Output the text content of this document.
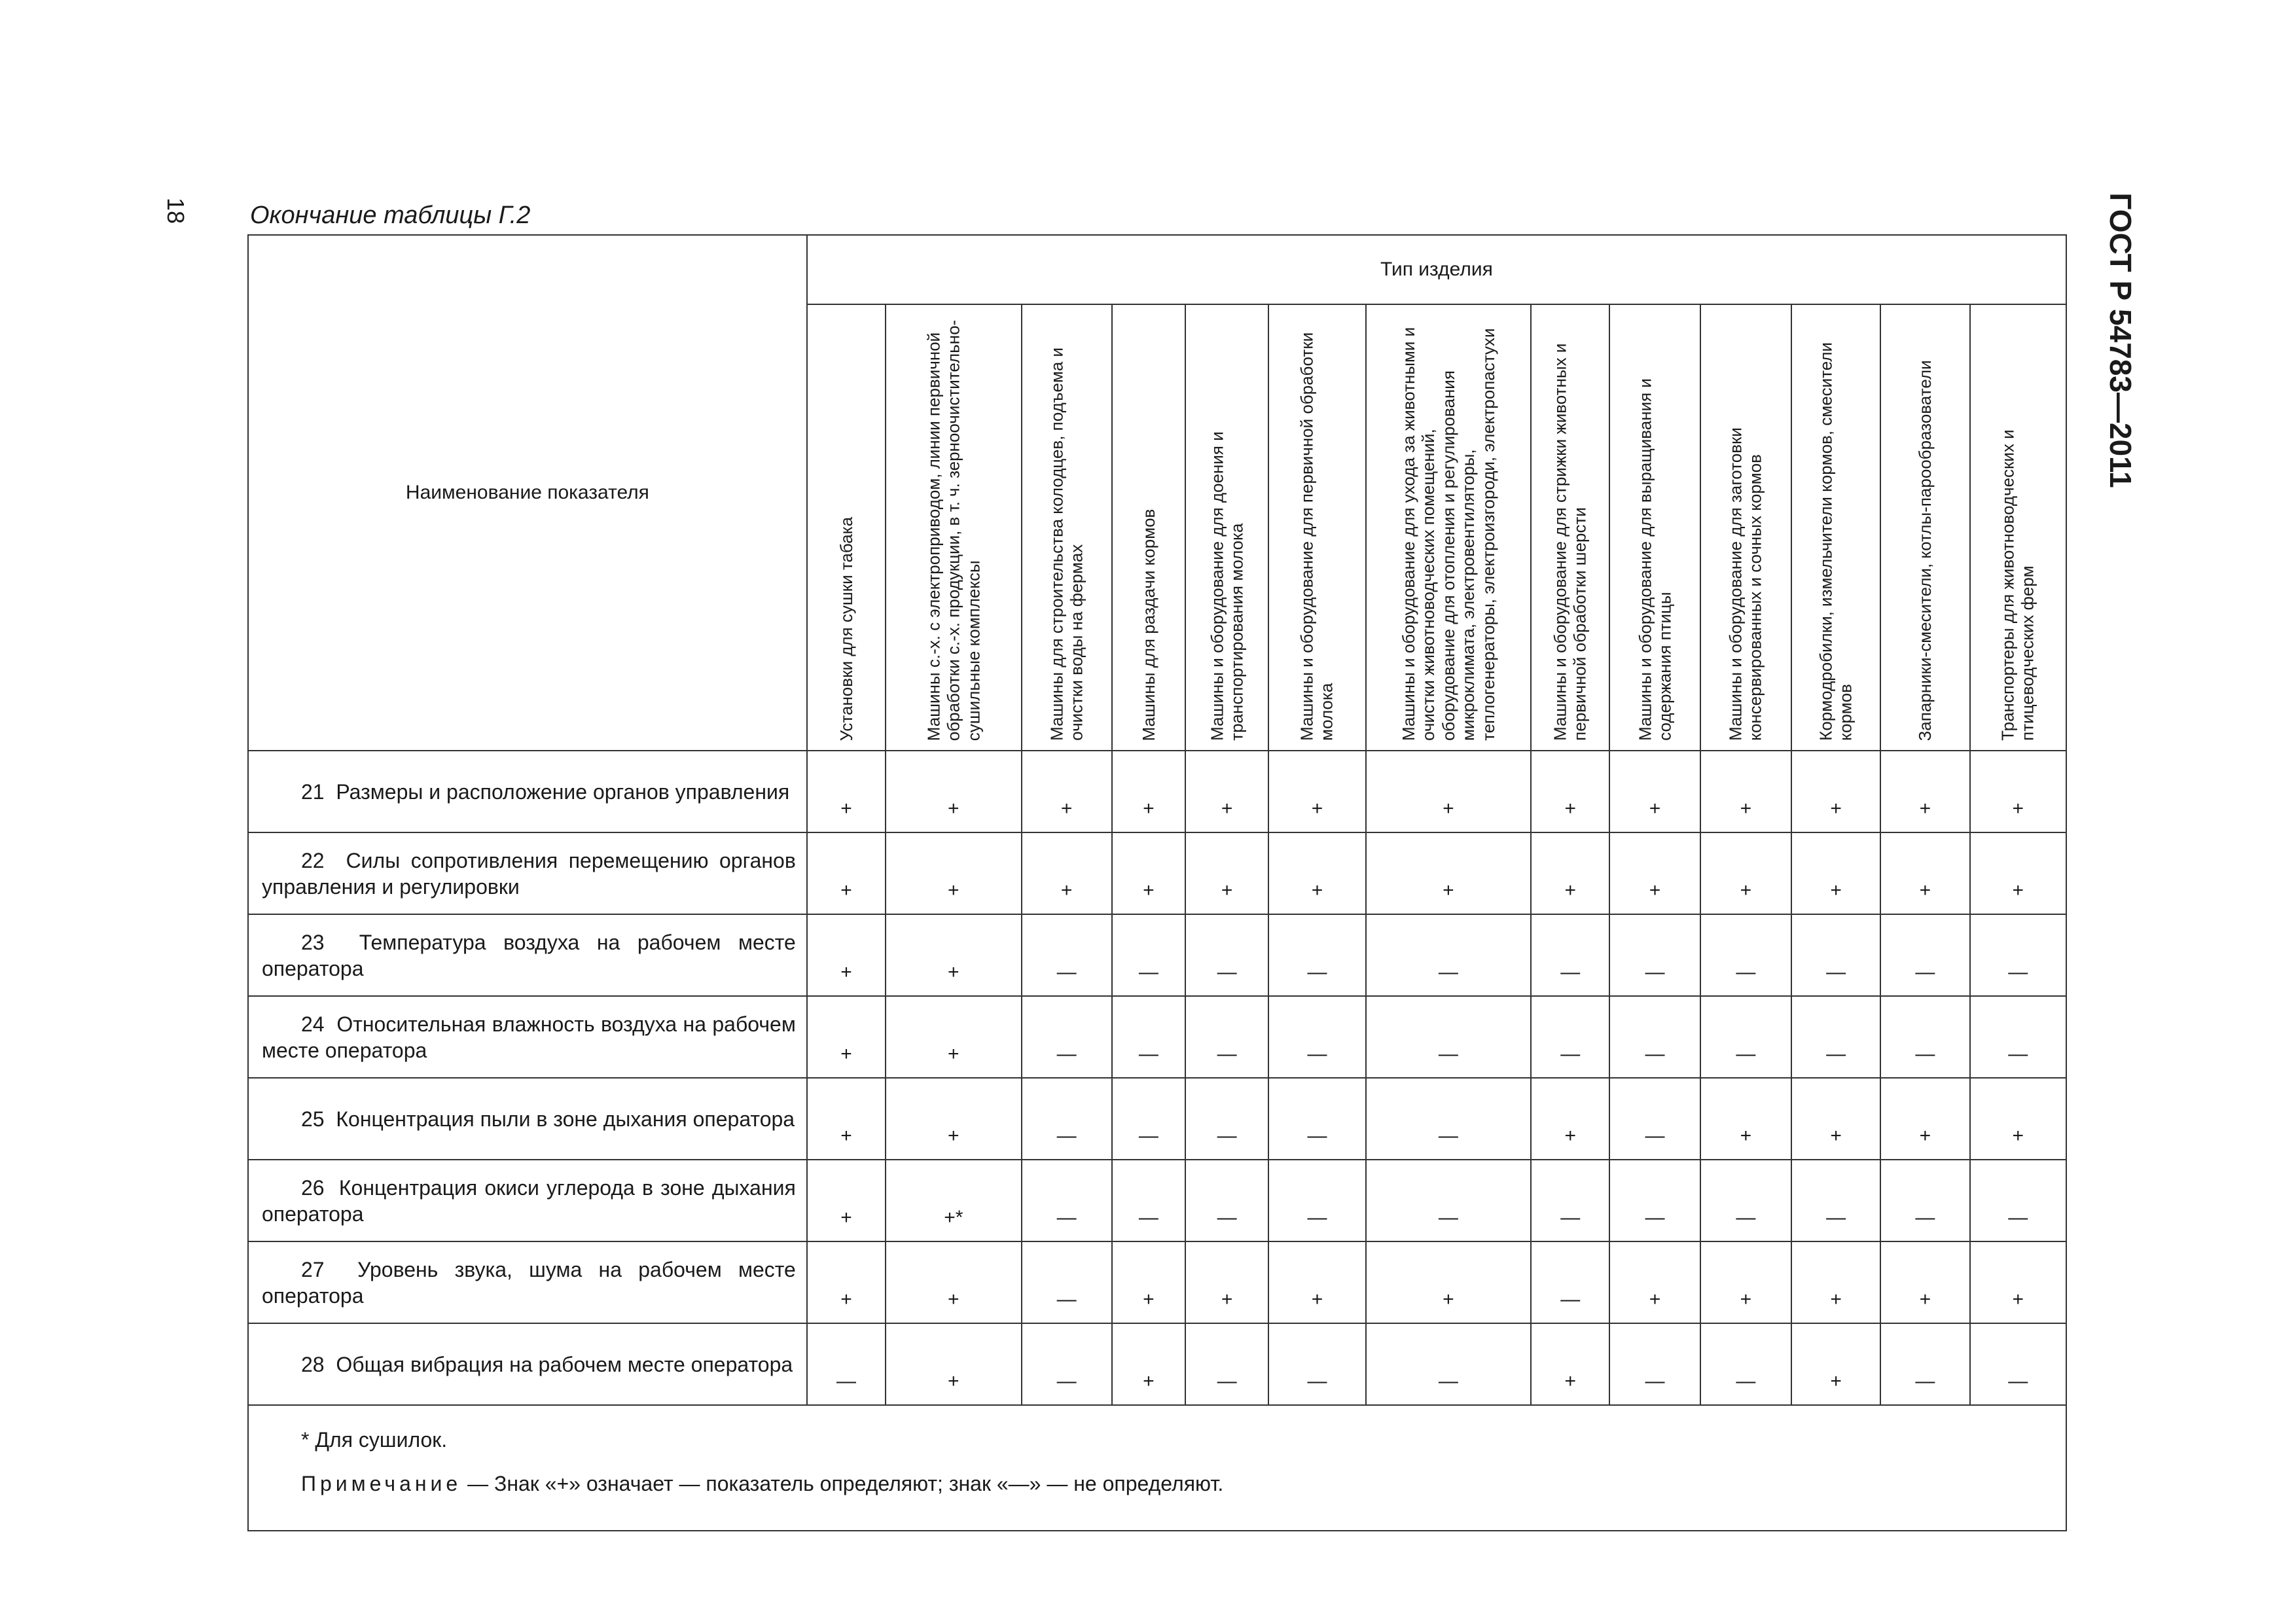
18	ГОСТ Р 54783—2011
Окончание таблицы Г.2
Наименование показателя	Тип изделия												

	Установки для сушки табака	Машины с.-х. с электроприводом, линии первичной обработки с.-х. продукции, в т. ч. зерноочистительно-сушильные комплексы	Машины для строительства колодцев, подъема и очистки воды на фермах	Машины для раздачи кормов	Машины и оборудование для доения и транспортирования молока	Машины и оборудование для первичной обработки молока	Машины и оборудование для ухода за животными и очистки животноводческих помещений, оборудование для отопления и регулирования микроклимата, электровентиляторы, теплогенераторы, электроизгороди, электропастухи	Машины и оборудование для стрижки животных и первичной обработки шерсти	Машины и оборудование для выращивания и содержания птицы	Машины и оборудование для заготовки консервированных и сочных кормов	Кормодробилки, измельчители кормов, смесители кормов	Запарники-смесители, котлы-парообразователи	Транспортеры для животноводческих и птицеводческих ферм

21 Размеры и расположение органов управления	+	+	+	+	+	+	+	+	+	+	+	+	+
22 Силы сопротивления перемещению органов управления и регулировки	+	+	+	+	+	+	+	+	+	+	+	+	+
23 Температура воздуха на рабочем месте оператора	+	+	—	—	—	—	—	—	—	—	—	—	—
24 Относительная влажность воздуха на рабочем месте оператора	+	+	—	—	—	—	—	—	—	—	—	—	—
25 Концентрация пыли в зоне дыхания оператора	+	+	—	—	—	—	—	+	—	+	+	+	+
26 Концентрация окиси углерода в зоне дыхания оператора	+	+*	—	—	—	—	—	—	—	—	—	—	—
27 Уровень звука, шума на рабочем месте оператора	+	+	—	+	+	+	+	—	+	+	+	+	+
28 Общая вибрация на рабочем месте оператора	—	+	—	+	—	—	—	+	—	—	+	—	—

* Для сушилок.
Примечание — Знак «+» означает — показатель определяют; знак «—» — не определяют.													
